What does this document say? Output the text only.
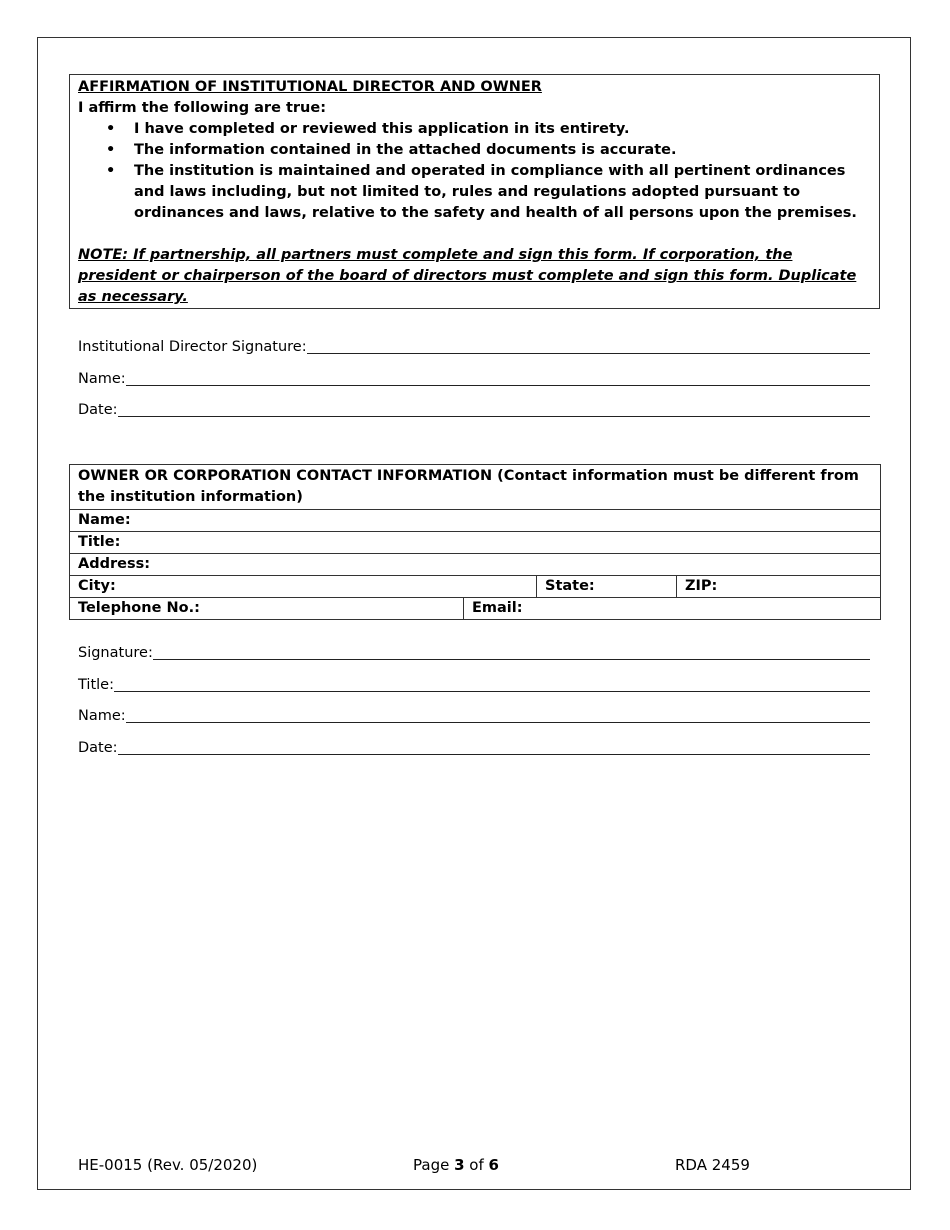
AFFIRMATION OF INSTITUTIONAL DIRECTOR AND OWNER
I affirm the following are true:
• I have completed or reviewed this application in its entirety.
• The information contained in the attached documents is accurate.
• The institution is maintained and operated in compliance with all pertinent ordinances and laws including, but not limited to, rules and regulations adopted pursuant to ordinances and laws, relative to the safety and health of all persons upon the premises.
NOTE: If partnership, all partners must complete and sign this form. If corporation, the president or chairperson of the board of directors must complete and sign this form. Duplicate as necessary.
Institutional Director Signature:
Name:
Date:
OWNER OR CORPORATION CONTACT INFORMATION (Contact information must be different from the institution information)
Name:
Title:
Address:
City:	State:	ZIP:
Telephone No.:	Email:
Signature:
Title:
Name:
Date:
HE-0015 (Rev. 05/2020)	Page 3 of 6	RDA 2459
